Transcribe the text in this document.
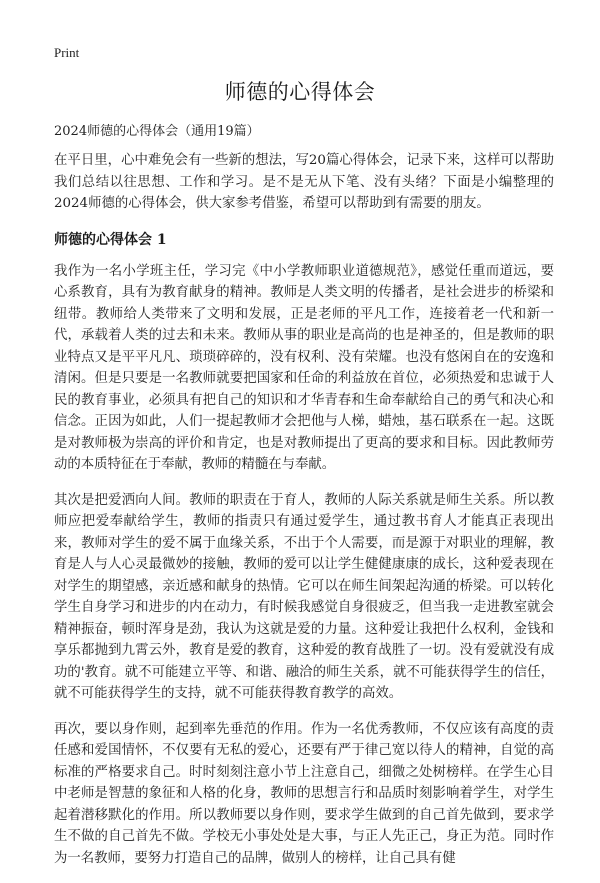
Print
师德的心得体会
2024师德的心得体会（通用19篇）

在平日里，心中难免会有一些新的想法，写20篇心得体会，记录下来，这样可以帮助我们总结以往思想、工作和学习。是不是无从下笔、没有头绪？下面是小编整理的2024师德的心得体会，供大家参考借鉴，希望可以帮助到有需要的朋友。

师德的心得体会 1

我作为一名小学班主任，学习完《中小学教师职业道德规范》，感觉任重而道远，要心系教育，具有为教育献身的精神。教师是人类文明的传播者，是社会进步的桥梁和纽带。教师给人类带来了文明和发展，正是老师的平凡工作，连接着老一代和新一代，承载着人类的过去和未来。教师从事的职业是高尚的也是神圣的，但是教师的职业特点又是平平凡凡、琐琐碎碎的，没有权利、没有荣耀。也没有悠闲自在的安逸和清闲。但是只要是一名教师就要把国家和任命的利益放在首位，必须热爱和忠诚于人民的教育事业，必须具有把自己的知识和才华青春和生命奉献给自己的勇气和决心和信念。正因为如此，人们一提起教师才会把他与人梯，蜡烛，基石联系在一起。这既是对教师极为崇高的评价和肯定，也是对教师提出了更高的要求和目标。因此教师劳动的本质特征在于奉献，教师的精髓在与奉献。

其次是把爱洒向人间。教师的职责在于育人，教师的人际关系就是师生关系。所以教师应把爱奉献给学生，教师的指责只有通过爱学生，通过教书育人才能真正表现出来，教师对学生的爱不属于血缘关系，不出于个人需要，而是源于对职业的理解，教育是人与人心灵最微妙的接触，教师的爱可以让学生健健康康的成长，这种爱表现在对学生的期望感，亲近感和献身的热情。它可以在师生间架起沟通的桥梁。可以转化学生自身学习和进步的内在动力，有时候我感觉自身很疲乏，但当我一走进教室就会精神振奋，顿时浑身是劲，我认为这就是爱的力量。这种爱让我把什么权利，金钱和享乐都抛到九霄云外，教育是爱的教育，这种爱的教育战胜了一切。没有爱就没有成功的'教育。就不可能建立平等、和谐、融洽的师生关系，就不可能获得学生的信任，就不可能获得学生的支持，就不可能获得教育教学的高效。

再次，要以身作则，起到率先垂范的作用。作为一名优秀教师，不仅应该有高度的责任感和爱国情怀，不仅要有无私的爱心，还要有严于律己宽以待人的精神，自觉的高标准的严格要求自己。时时刻刻注意小节上注意自己，细微之处树榜样。在学生心目中老师是智慧的象征和人格的化身，教师的思想言行和品质时刻影响着学生，对学生起着潜移默化的作用。所以教师要以身作则，要求学生做到的自己首先做到，要求学生不做的自己首先不做。学校无小事处处是大事，与正人先正己，身正为范。同时作为一名教师，要努力打造自己的品牌，做别人的榜样，让自己具有健
